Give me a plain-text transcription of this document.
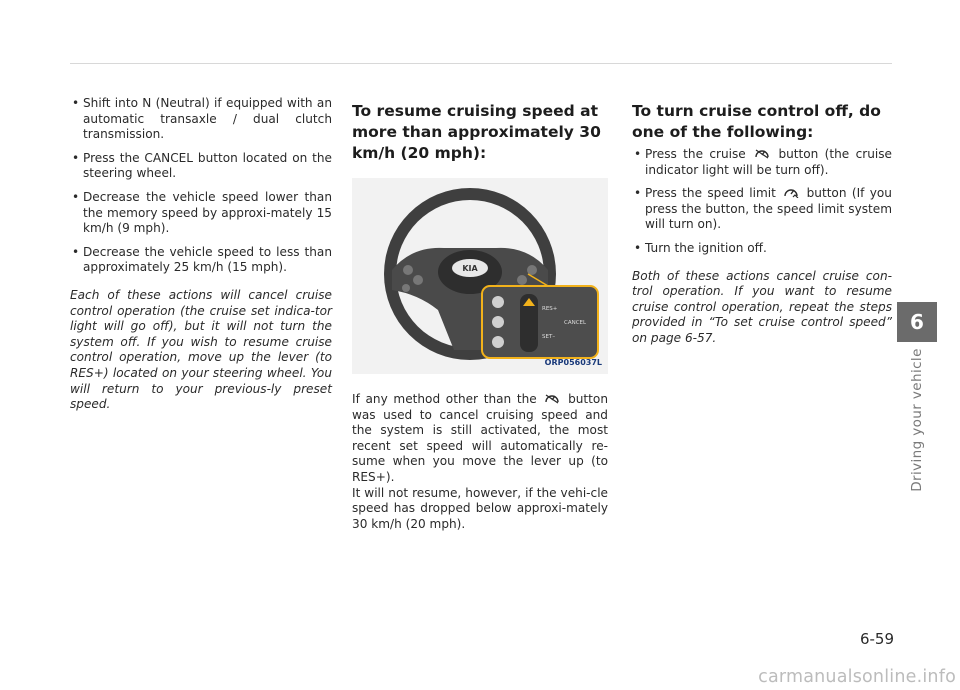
• Shift into N (Neutral) if equipped with an automatic transaxle / dual clutch transmission.
• Press the CANCEL button located on the steering wheel.
• Decrease the vehicle speed lower than the memory speed by approxi-mately 15 km/h (9 mph).
• Decrease the vehicle speed to less than approximately 25 km/h (15 mph).
Each of these actions will cancel cruise control operation (the cruise set indica-tor light will go off), but it will not turn the system off. If you wish to resume cruise control operation, move up the lever (to RES+) located on your steering wheel. You will return to your previous-ly preset speed.
To resume cruising speed at more than approximately 30 km/h (20 mph):
KIA
RES+
SET–
CANCEL
ORP056037L

If any method other than the	button was used to cancel cruising speed and the system is still activated, the most recent set speed will automatically re-sume when you move the lever up (to RES+).

It will not resume, however, if the vehi-cle speed has dropped below approxi-mately 30 km/h (20 mph).

To turn cruise control off, do one of the following:
• Press the cruise	button (the cruise indicator light will be turn off).
• Press the speed limit	button (If you press the button, the speed limit system will turn on).
• Turn the ignition off.
Both of these actions cancel cruise con-trol operation. If you want to resume cruise control operation, repeat the steps provided in “To set cruise control speed” on page 6-57.
6
Driving your vehicle
6-59
carmanualsonline.info
